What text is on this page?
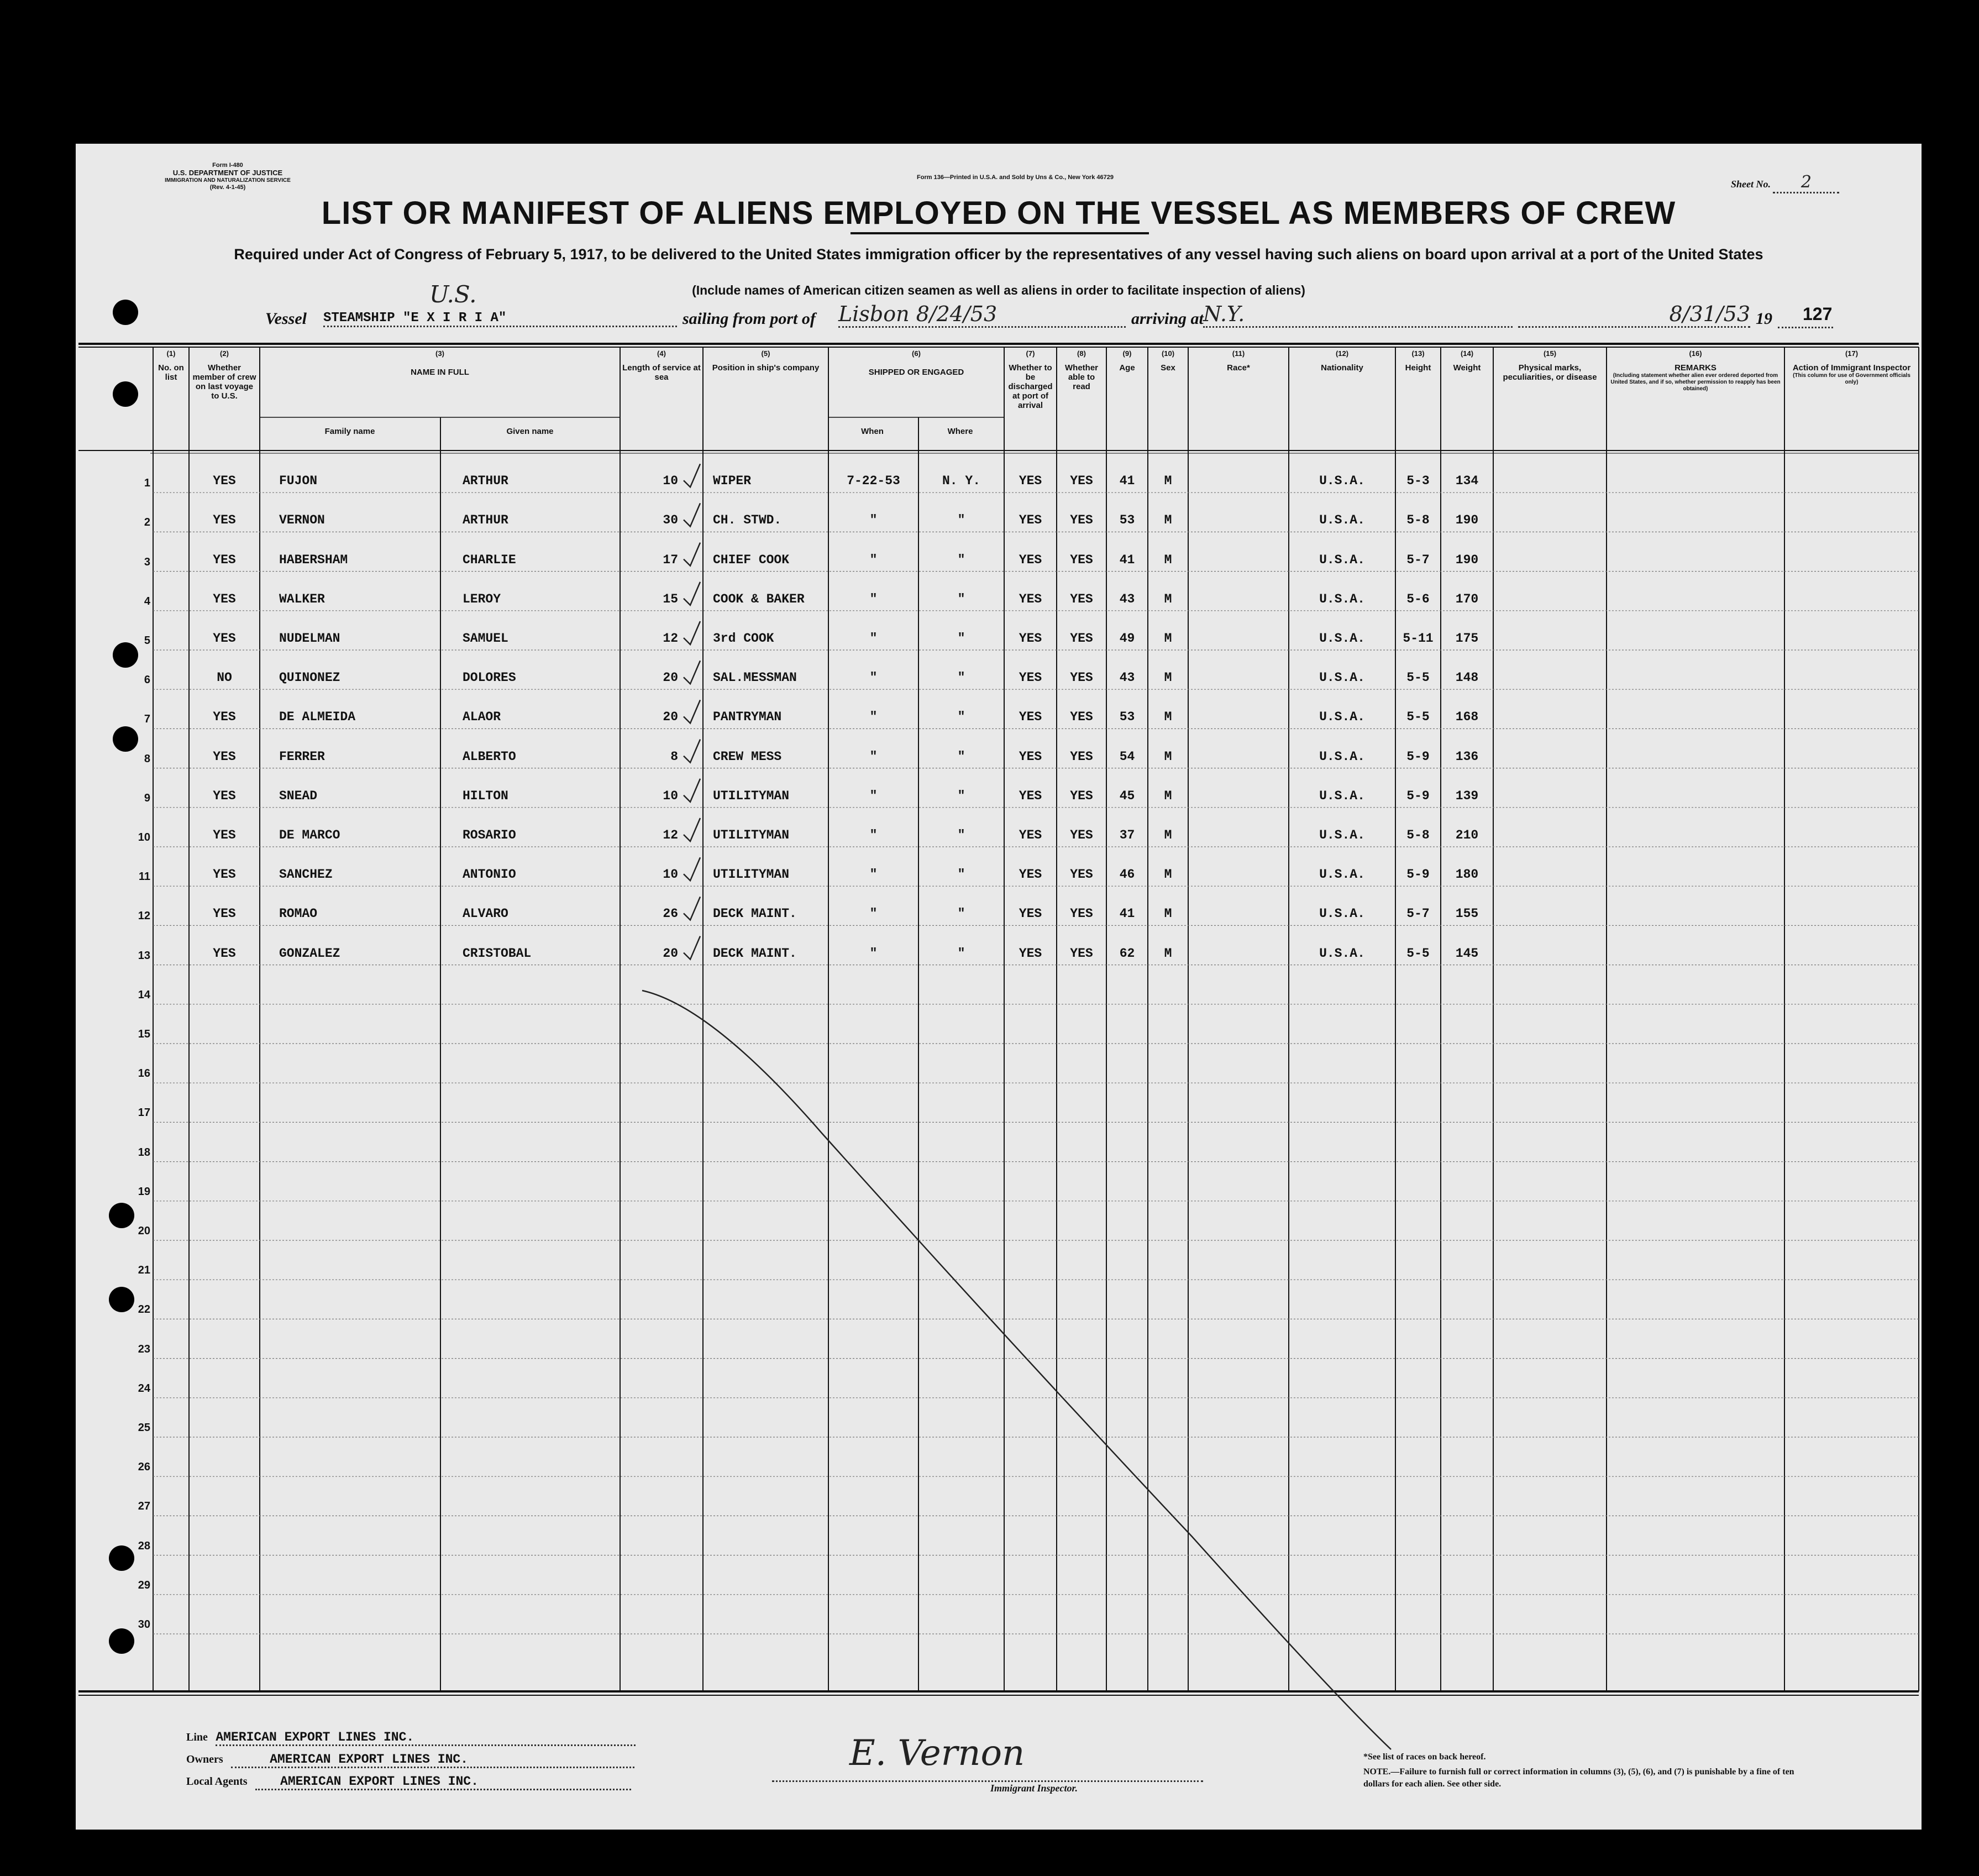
Form I-480
U.S. DEPARTMENT OF JUSTICE
IMMIGRATION AND NATURALIZATION SERVICE
(Rev. 4-1-45)
Form 136—Printed in U.S.A. and Sold by Uns & Co., New York 46729
Sheet No. 2
LIST OR MANIFEST OF ALIENS EMPLOYED ON THE VESSEL AS MEMBERS OF CREW
Required under Act of Congress of February 5, 1917, to be delivered to the United States immigration officer by the representatives of any vessel having such aliens on board upon arrival at a port of the United States
(Include names of American citizen seamen as well as aliens in order to facilitate inspection of aliens)
Vessel STEAMSHIP "E X I R I A"
U.S.
sailing from port of Lisbon 8/24/53	arriving at N.Y.	8/31/53 19 127
(1)
No. on list
(2)
Whether member of crew on last voyage to U.S.
(3)
NAME IN FULL
Family name	Given name
(4)
Length of service at sea
(5)
Position in ship's company
(6)
SHIPPED OR ENGAGED
When	Where
(7)
Whether to be discharged at port of arrival
(8)
Whether able to read
(9)
Age
(10)
Sex
(11)
Race*
(12)
Nationality
(13)
Height
(14)
Weight
(15)
Physical marks, peculiarities, or disease
(16)
REMARKS
(Including statement whether alien ever ordered deported from United States, and if so, whether permission to reapply has been obtained)
(17)
Action of Immigrant Inspector
(This column for use of Government officials only)
1	YES	FUJON	ARTHUR	10	WIPER	7-22-53	N. Y.	YES	YES	41	M	U.S.A.	5-3	134
2	YES	VERNON	ARTHUR	30	CH. STWD.	"	"	YES	YES	53	M	U.S.A.	5-8	190
3	YES	HABERSHAM	CHARLIE	17	CHIEF COOK	"	"	YES	YES	41	M	U.S.A.	5-7	190
4	YES	WALKER	LEROY	15	COOK & BAKER	"	"	YES	YES	43	M	U.S.A.	5-6	170
5	YES	NUDELMAN	SAMUEL	12	3rd COOK	"	"	YES	YES	49	M	U.S.A.	5-11	175
6	NO	QUINONEZ	DOLORES	20	SAL.MESSMAN	"	"	YES	YES	43	M	U.S.A.	5-5	148
7	YES	DE ALMEIDA	ALAOR	20	PANTRYMAN	"	"	YES	YES	53	M	U.S.A.	5-5	168
8	YES	FERRER	ALBERTO	8	CREW MESS	"	"	YES	YES	54	M	U.S.A.	5-9	136
9	YES	SNEAD	HILTON	10	UTILITYMAN	"	"	YES	YES	45	M	U.S.A.	5-9	139
10	YES	DE MARCO	ROSARIO	12	UTILITYMAN	"	"	YES	YES	37	M	U.S.A.	5-8	210
11	YES	SANCHEZ	ANTONIO	10	UTILITYMAN	"	"	YES	YES	46	M	U.S.A.	5-9	180
12	YES	ROMAO	ALVARO	26	DECK MAINT.	"	"	YES	YES	41	M	U.S.A.	5-7	155
13	YES	GONZALEZ	CRISTOBAL	20	DECK MAINT.	"	"	YES	YES	62	M	U.S.A.	5-5	145
14
15
16
17
18
19
20
21
22
23
24
25
26
27
28
29
30
Line AMERICAN EXPORT LINES INC.
Owners	AMERICAN EXPORT LINES INC.
Local Agents	AMERICAN EXPORT LINES INC.
E. Vernon
Immigrant Inspector.
*See list of races on back hereof.
NOTE.—Failure to furnish full or correct information in columns (3), (5), (6), and (7) is punishable by a fine of ten dollars for each alien. See other side.
